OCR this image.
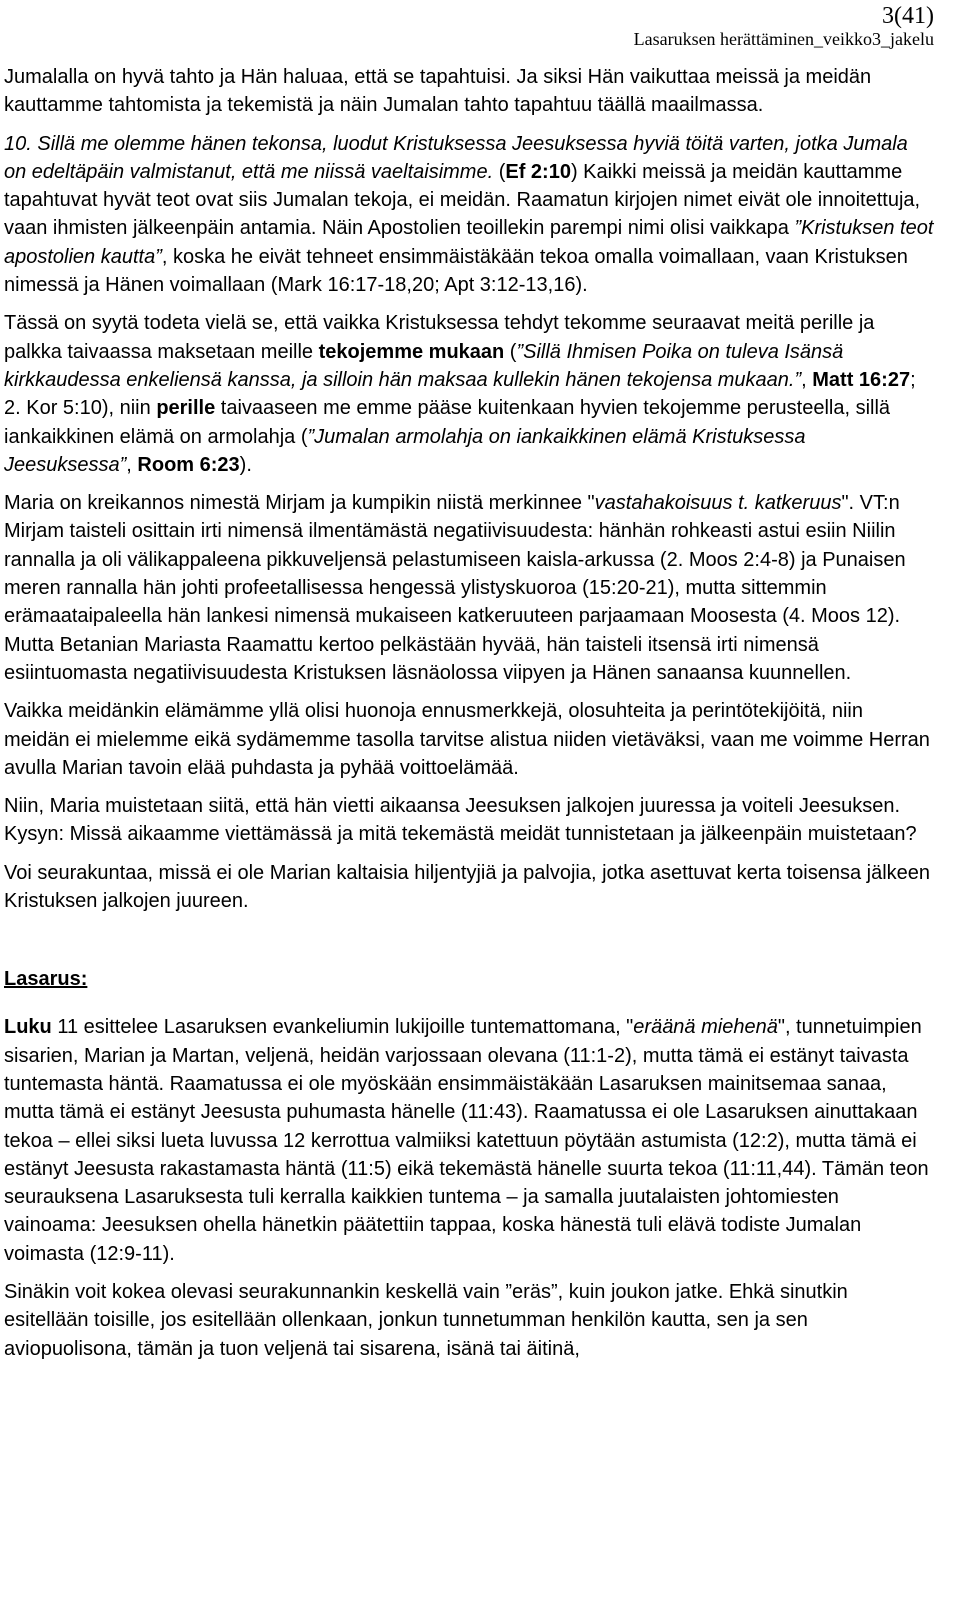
3(41)
Lasaruksen herättäminen_veikko3_jakelu

Jumalalla on hyvä tahto ja Hän haluaa, että se tapahtuisi. Ja siksi Hän vaikuttaa meissä ja meidän kauttamme tahtomista ja tekemistä ja näin Jumalan tahto tapahtuu täällä maailmassa.

10. Sillä me olemme hänen tekonsa, luodut Kristuksessa Jeesuksessa hyviä töitä varten, jotka Jumala on edeltäpäin valmistanut, että me niissä vaeltaisimme. (Ef 2:10) Kaikki meissä ja meidän kauttamme tapahtuvat hyvät teot ovat siis Jumalan tekoja, ei meidän. Raamatun kirjojen nimet eivät ole innoitettuja, vaan ihmisten jälkeenpäin antamia. Näin Apostolien teoillekin parempi nimi olisi vaikkapa ”Kristuksen teot apostolien kautta”, koska he eivät tehneet ensimmäistäkään tekoa omalla voimallaan, vaan Kristuksen nimessä ja Hänen voimallaan (Mark 16:17-18,20; Apt 3:12-13,16).

Tässä on syytä todeta vielä se, että vaikka Kristuksessa tehdyt tekomme seuraavat meitä perille ja palkka taivaassa maksetaan meille tekojemme mukaan (”Sillä Ihmisen Poika on tuleva Isänsä kirkkaudessa enkeliensä kanssa, ja silloin hän maksaa kullekin hänen tekojensa mukaan.”, Matt 16:27; 2. Kor 5:10), niin perille taivaaseen me emme pääse kuitenkaan hyvien tekojemme perusteella, sillä iankaikkinen elämä on armolahja (”Jumalan armolahja on iankaikkinen elämä Kristuksessa Jeesuksessa”, Room 6:23).

Maria on kreikannos nimestä Mirjam ja kumpikin niistä merkinnee "vastahakoisuus t. katkeruus". VT:n Mirjam taisteli osittain irti nimensä ilmentämästä negatiivisuudesta: hänhän rohkeasti astui esiin Niilin rannalla ja oli välikappaleena pikkuveljensä pelastumiseen kaisla-arkussa (2. Moos 2:4-8) ja Punaisen meren rannalla hän johti profeetallisessa hengessä ylistyskuoroa (15:20-21), mutta sittemmin erämaataipaleella hän lankesi nimensä mukaiseen katkeruuteen parjaamaan Moosesta (4. Moos 12). Mutta Betanian Mariasta Raamattu kertoo pelkästään hyvää, hän taisteli itsensä irti nimensä esiintuomasta negatiivisuudesta Kristuksen läsnäolossa viipyen ja Hänen sanaansa kuunnellen.

Vaikka meidänkin elämämme yllä olisi huonoja ennusmerkkejä, olosuhteita ja perintötekijöitä, niin meidän ei mielemme eikä sydämemme tasolla tarvitse alistua niiden vietäväksi, vaan me voimme Herran avulla Marian tavoin elää puhdasta ja pyhää voittoelämää.

Niin, Maria muistetaan siitä, että hän vietti aikaansa Jeesuksen jalkojen juuressa ja voiteli Jeesuksen. Kysyn: Missä aikaamme viettämässä ja mitä tekemästä meidät tunnistetaan ja jälkeenpäin muistetaan?

Voi seurakuntaa, missä ei ole Marian kaltaisia hiljentyjiä ja palvojia, jotka asettuvat kerta toisensa jälkeen Kristuksen jalkojen juureen.

Lasarus:

Luku 11 esittelee Lasaruksen evankeliumin lukijoille tuntemattomana, "eräänä miehenä", tunnetuimpien sisarien, Marian ja Martan, veljenä, heidän varjossaan olevana (11:1-2), mutta tämä ei estänyt taivasta tuntemasta häntä. Raamatussa ei ole myöskään ensimmäistäkään Lasaruksen mainitsemaa sanaa, mutta tämä ei estänyt Jeesusta puhumasta hänelle (11:43). Raamatussa ei ole Lasaruksen ainuttakaan tekoa – ellei siksi lueta luvussa 12 kerrottua valmiiksi katettuun pöytään astumista (12:2), mutta tämä ei estänyt Jeesusta rakastamasta häntä (11:5) eikä tekemästä hänelle suurta tekoa (11:11,44). Tämän teon seurauksena Lasaruksesta tuli kerralla kaikkien tuntema – ja samalla juutalaisten johtomiesten vainoama: Jeesuksen ohella hänetkin päätettiin tappaa, koska hänestä tuli elävä todiste Jumalan voimasta (12:9-11).

Sinäkin voit kokea olevasi seurakunnankin keskellä vain ”eräs”, kuin joukon jatke. Ehkä sinutkin esitellään toisille, jos esitellään ollenkaan, jonkun tunnetumman henkilön kautta, sen ja sen aviopuolisona, tämän ja tuon veljenä tai sisarena, isänä tai äitinä,
